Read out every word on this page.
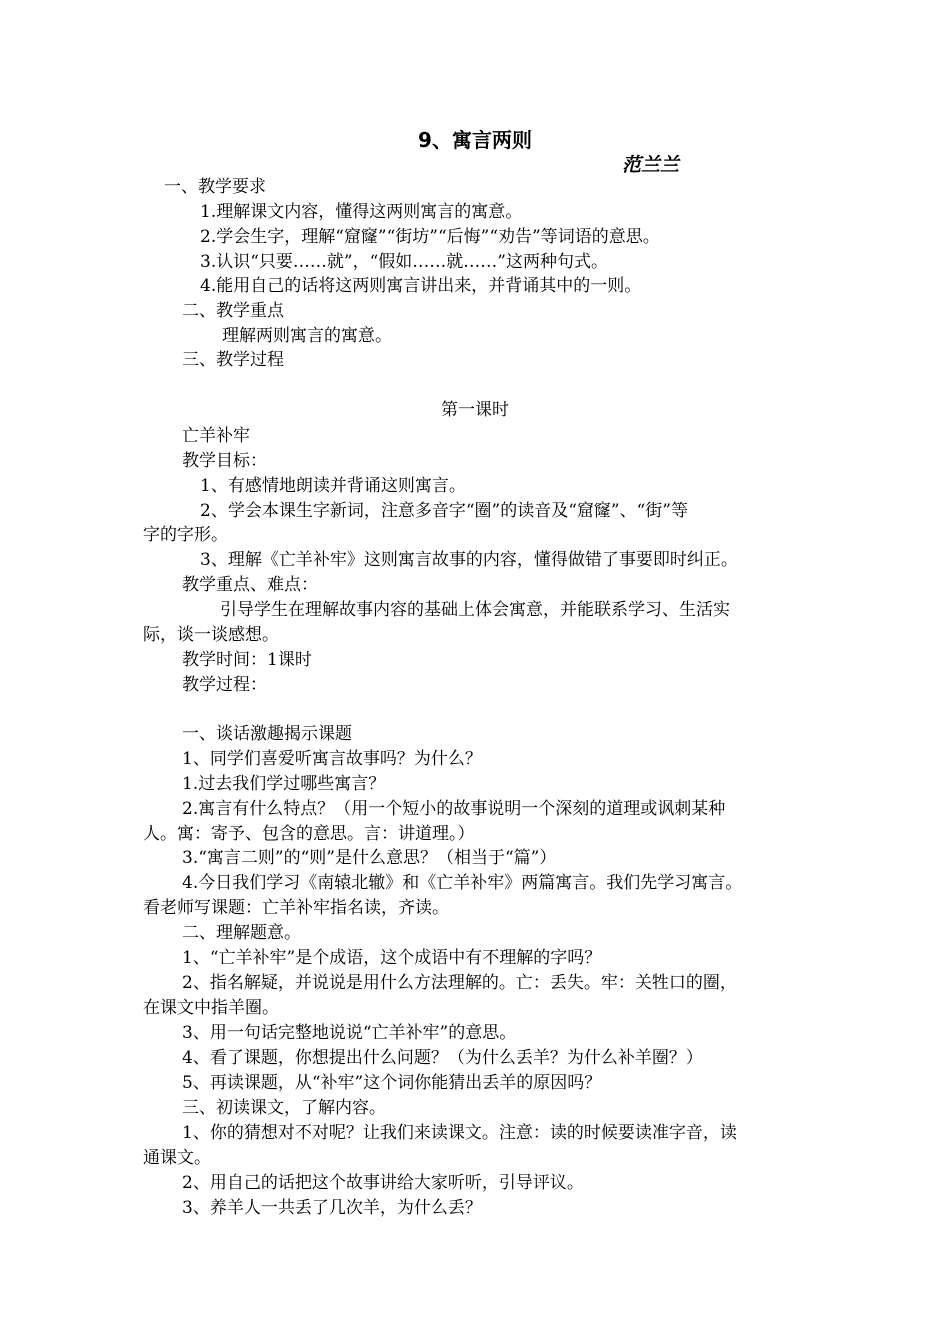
9、寓言两则
范兰兰
一、教学要求
1.理解课文内容，懂得这两则寓言的寓意。
2.学会生字，理解“窟窿”“街坊”“后悔”“劝告”等词语的意思。
3.认识“只要……就”，“假如……就……”这两种句式。
4.能用自己的话将这两则寓言讲出来，并背诵其中的一则。
二、教学重点
理解两则寓言的寓意。
三、教学过程
第一课时
亡羊补牢
教学目标：
1、有感情地朗读并背诵这则寓言。
2、学会本课生字新词，注意多音字“圈”的读音及“窟窿”、“街”等
字的字形。
3、理解《亡羊补牢》这则寓言故事的内容，懂得做错了事要即时纠正。
教学重点、难点：
引导学生在理解故事内容的基础上体会寓意，并能联系学习、生活实
际，谈一谈感想。
教学时间：1课时
教学过程：
一、谈话激趣揭示课题
1、同学们喜爱听寓言故事吗？为什么？
1.过去我们学过哪些寓言？
2.寓言有什么特点？（用一个短小的故事说明一个深刻的道理或讽刺某种
人。寓：寄予、包含的意思。言：讲道理。）
3.“寓言二则”的“则”是什么意思？（相当于“篇”）
4.今日我们学习《南辕北辙》和《亡羊补牢》两篇寓言。我们先学习寓言。
看老师写课题：亡羊补牢指名读，齐读。
二、理解题意。
1、“亡羊补牢”是个成语，这个成语中有不理解的字吗？
2、指名解疑，并说说是用什么方法理解的。亡：丢失。牢：关牲口的圈，
在课文中指羊圈。
3、用一句话完整地说说“亡羊补牢”的意思。
4、看了课题，你想提出什么问题？（为什么丢羊？为什么补羊圈？）
5、再读课题，从“补牢”这个词你能猜出丢羊的原因吗？
三、初读课文，了解内容。
1、你的猜想对不对呢？让我们来读课文。注意：读的时候要读准字音，读
通课文。
2、用自己的话把这个故事讲给大家听听，引导评议。
3、养羊人一共丢了几次羊，为什么丢？
